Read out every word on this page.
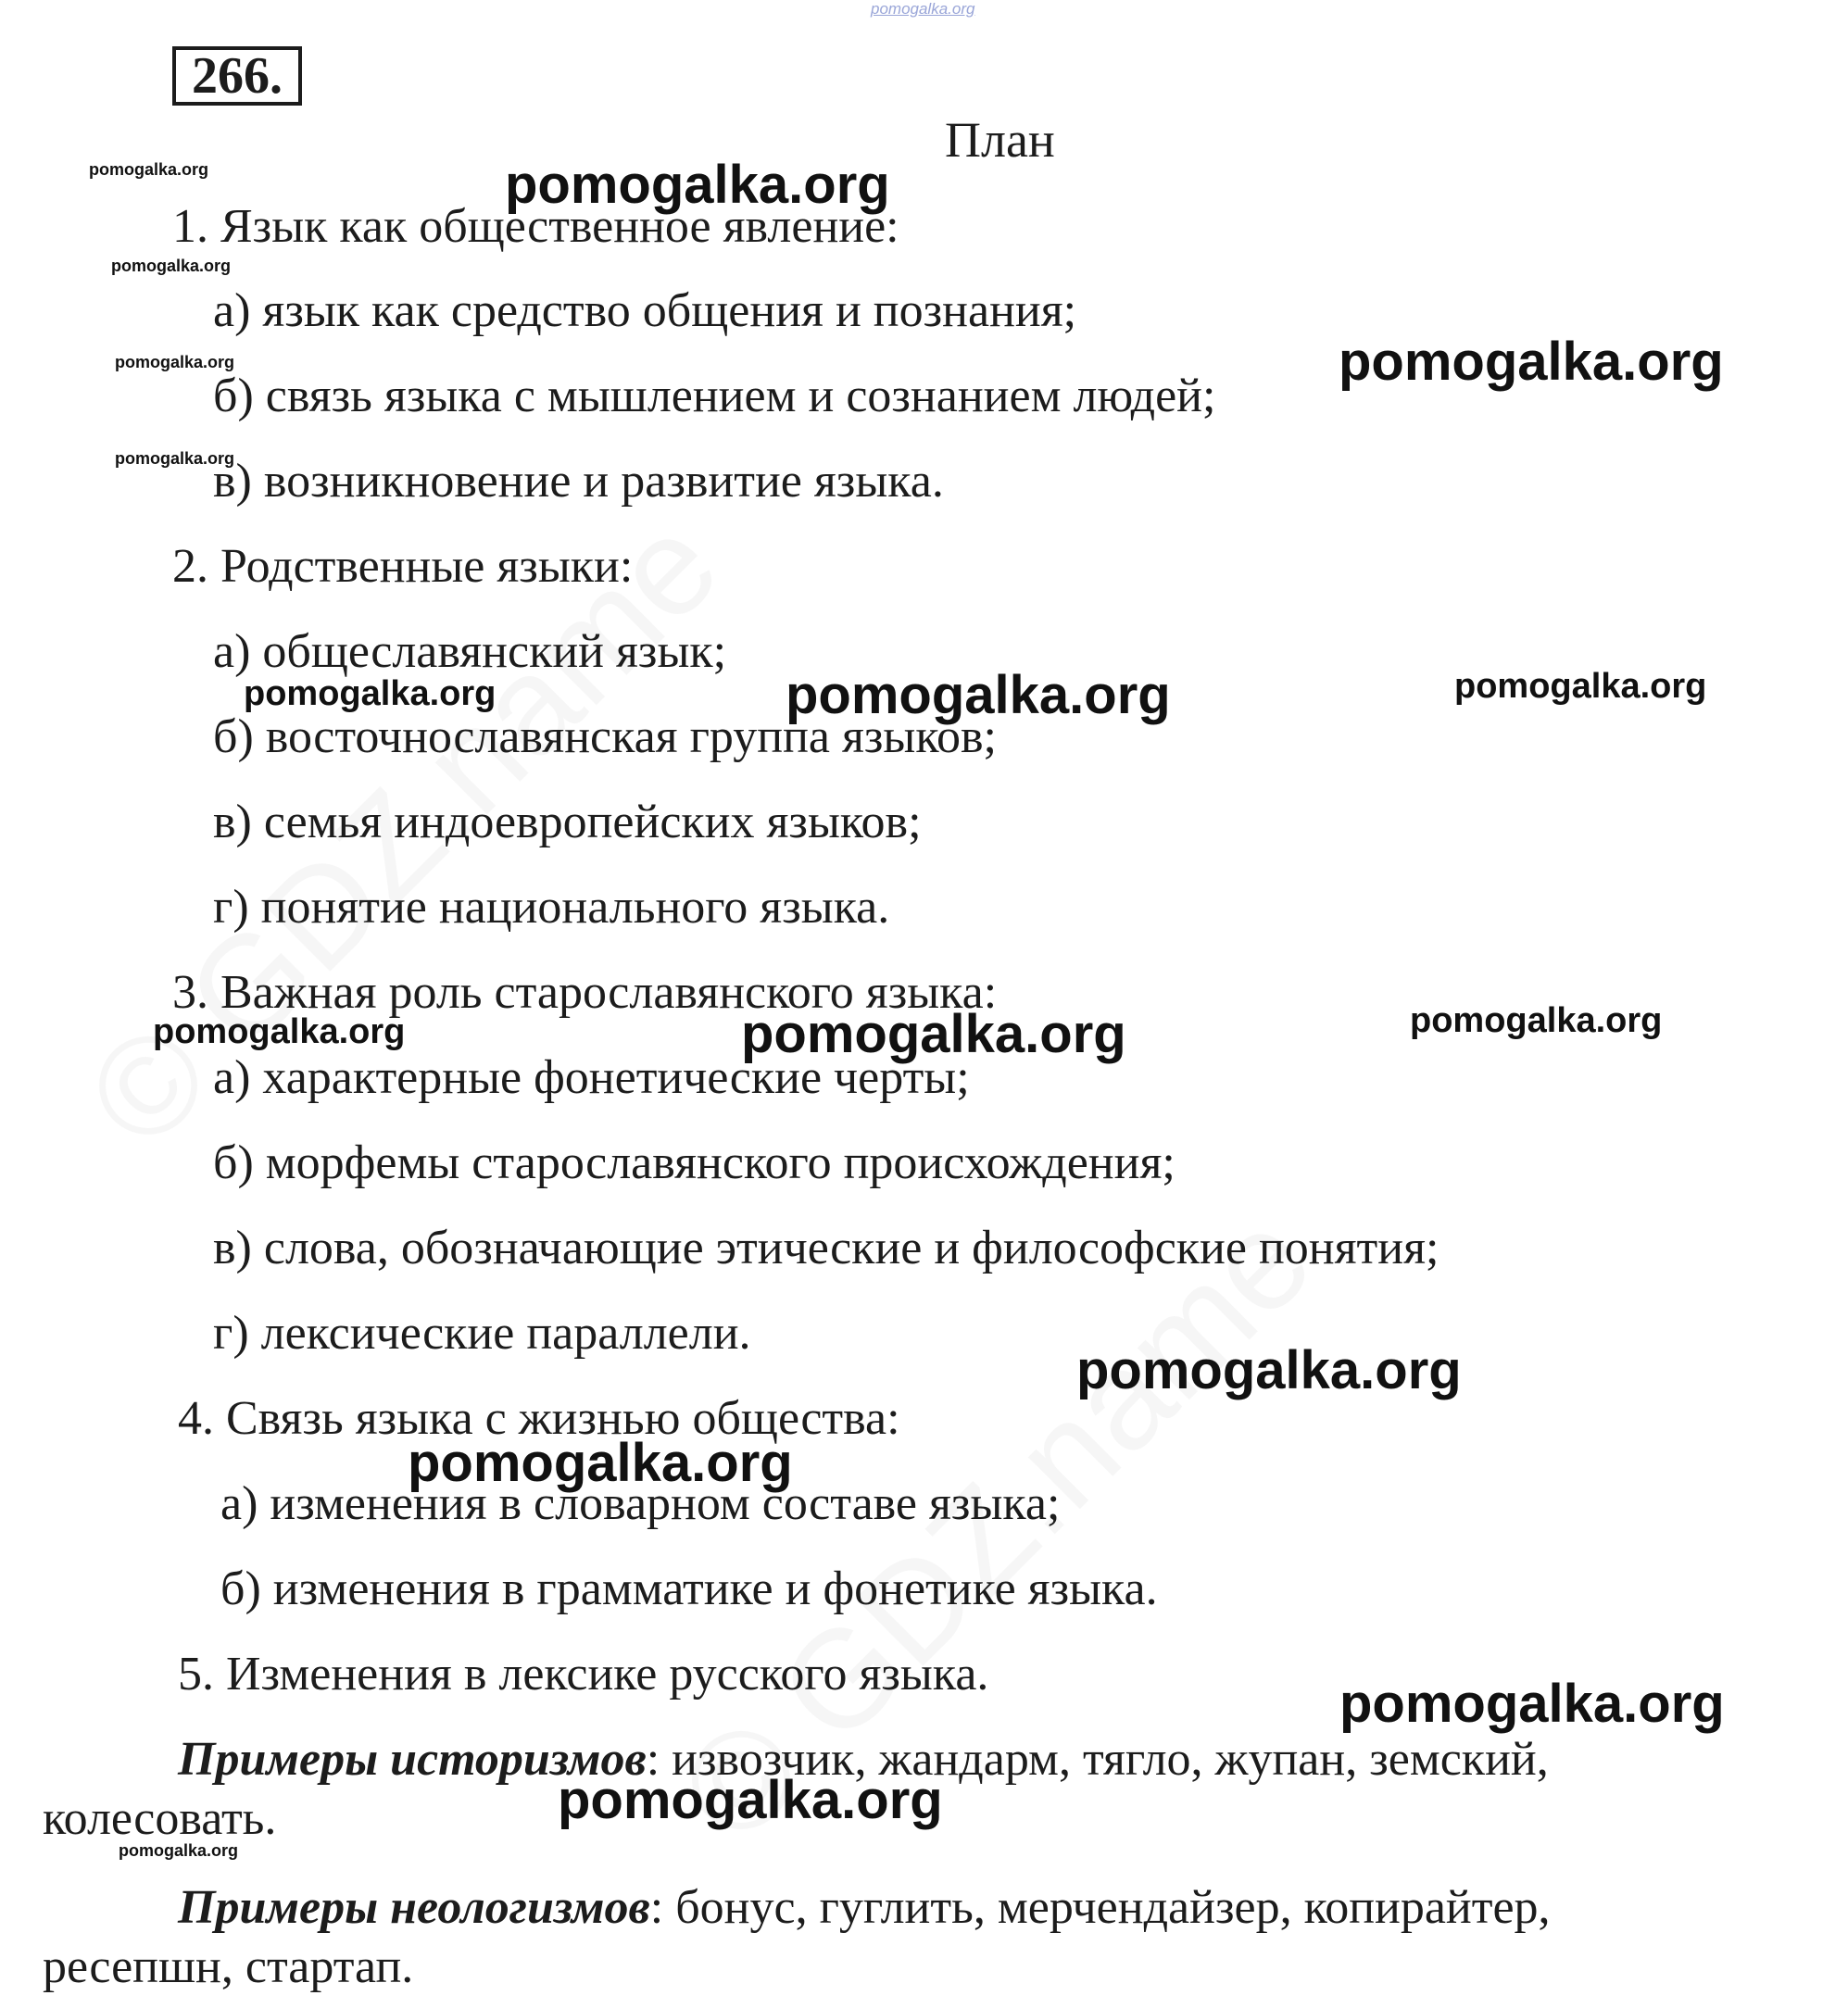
pomogalka.org
266.
План
1. Язык как общественное явление:
а) язык как средство общения и познания;
б) связь языка с мышлением и сознанием людей;
в) возникновение и развитие языка.
2. Родственные языки:
а) общеславянский язык;
б) восточнославянская группа языков;
в) семья индоевропейских языков;
г) понятие национального языка.
3. Важная роль старославянского языка:
а) характерные фонетические черты;
б) морфемы старославянского происхождения;
в) слова, обозначающие этические и философские понятия;
г) лексические параллели.
4. Связь языка с жизнью общества:
а) изменения в словарном составе языка;
б) изменения в грамматике и фонетике языка.
5. Изменения в лексике русского языка.
Примеры историзмов: извозчик, жандарм, тягло, жупан, земский,
колесовать.
Примеры неологизмов: бонус, гуглить, мерчендайзер, копирайтер,
ресепшн, стартап.
pomogalka.org	pomogalka.org
pomogalka.org
pomogalka.org
pomogalka.org
pomogalka.org
pomogalka.org	pomogalka.org	pomogalka.org
pomogalka.org	pomogalka.org	pomogalka.org
pomogalka.org
pomogalka.org
pomogalka.org
pomogalka.org
pomogalka.org
